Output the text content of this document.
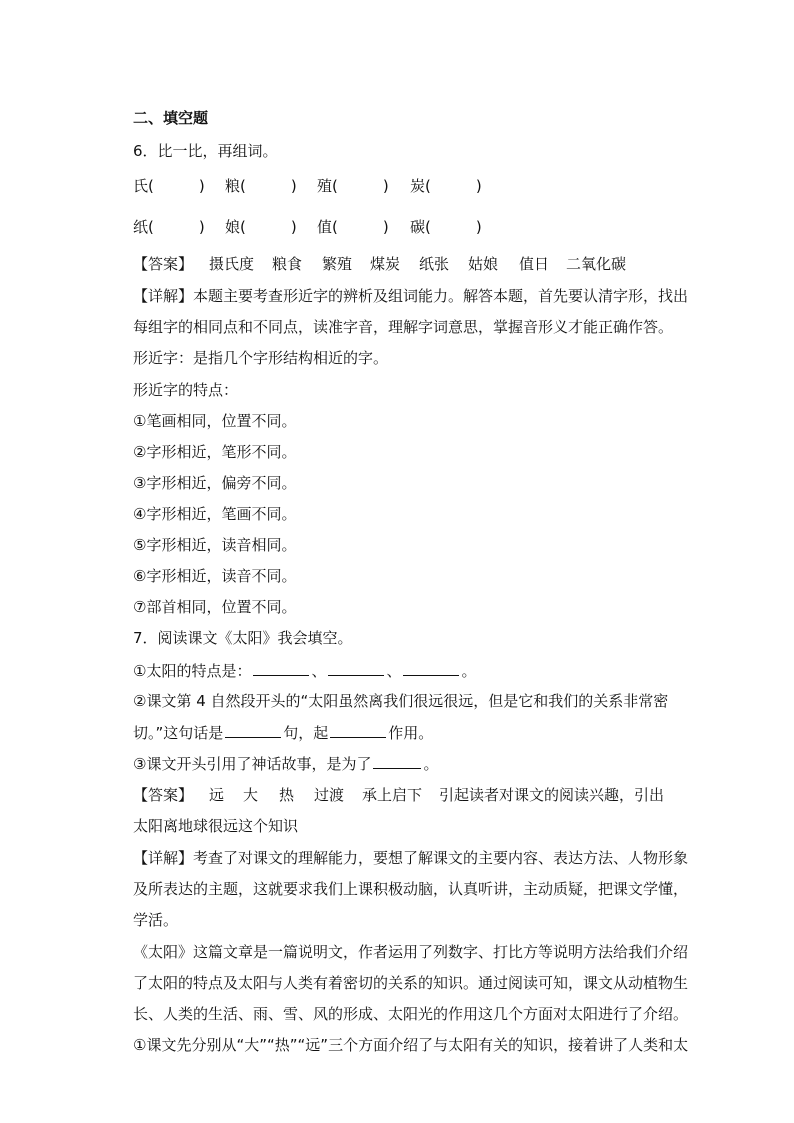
二、填空题
6．比一比，再组词。
氏(　　　) 粮(　　　) 殖(　　　) 炭(　　　)
纸(　　　) 娘(　　　) 值(　　　) 碳(　　　)
【答案】 摄氏度 粮食 繁殖 煤炭 纸张 姑娘 值日 二氧化碳
【详解】本题主要考查形近字的辨析及组词能力。解答本题，首先要认清字形，找出
每组字的相同点和不同点，读准字音，理解字词意思，掌握音形义才能正确作答。
形近字：是指几个字形结构相近的字。
形近字的特点：
①笔画相同，位置不同。
②字形相近，笔形不同。
③字形相近，偏旁不同。
④字形相近，笔画不同。
⑤字形相近，读音相同。
⑥字形相近，读音不同。
⑦部首相同，位置不同。
7．阅读课文《太阳》我会填空。
①太阳的特点是：	、	、	。
②课文第 4 自然段开头的“太阳虽然离我们很远很远，但是它和我们的关系非常密
切。”这句话是	句，起	作用。
③课文开头引用了神话故事，是为了	。
【答案】 远 大 热 过渡 承上启下 引起读者对课文的阅读兴趣，引出
太阳离地球很远这个知识
【详解】考查了对课文的理解能力，要想了解课文的主要内容、表达方法、人物形象
及所表达的主题，这就要求我们上课积极动脑，认真听讲，主动质疑，把课文学懂，
学活。
《太阳》这篇文章是一篇说明文，作者运用了列数字、打比方等说明方法给我们介绍
了太阳的特点及太阳与人类有着密切的关系的知识。通过阅读可知，课文从动植物生
长、人类的生活、雨、雪、风的形成、太阳光的作用这几个方面对太阳进行了介绍。
①课文先分别从“大”“热”“远”三个方面介绍了与太阳有关的知识，接着讲了人类和太
